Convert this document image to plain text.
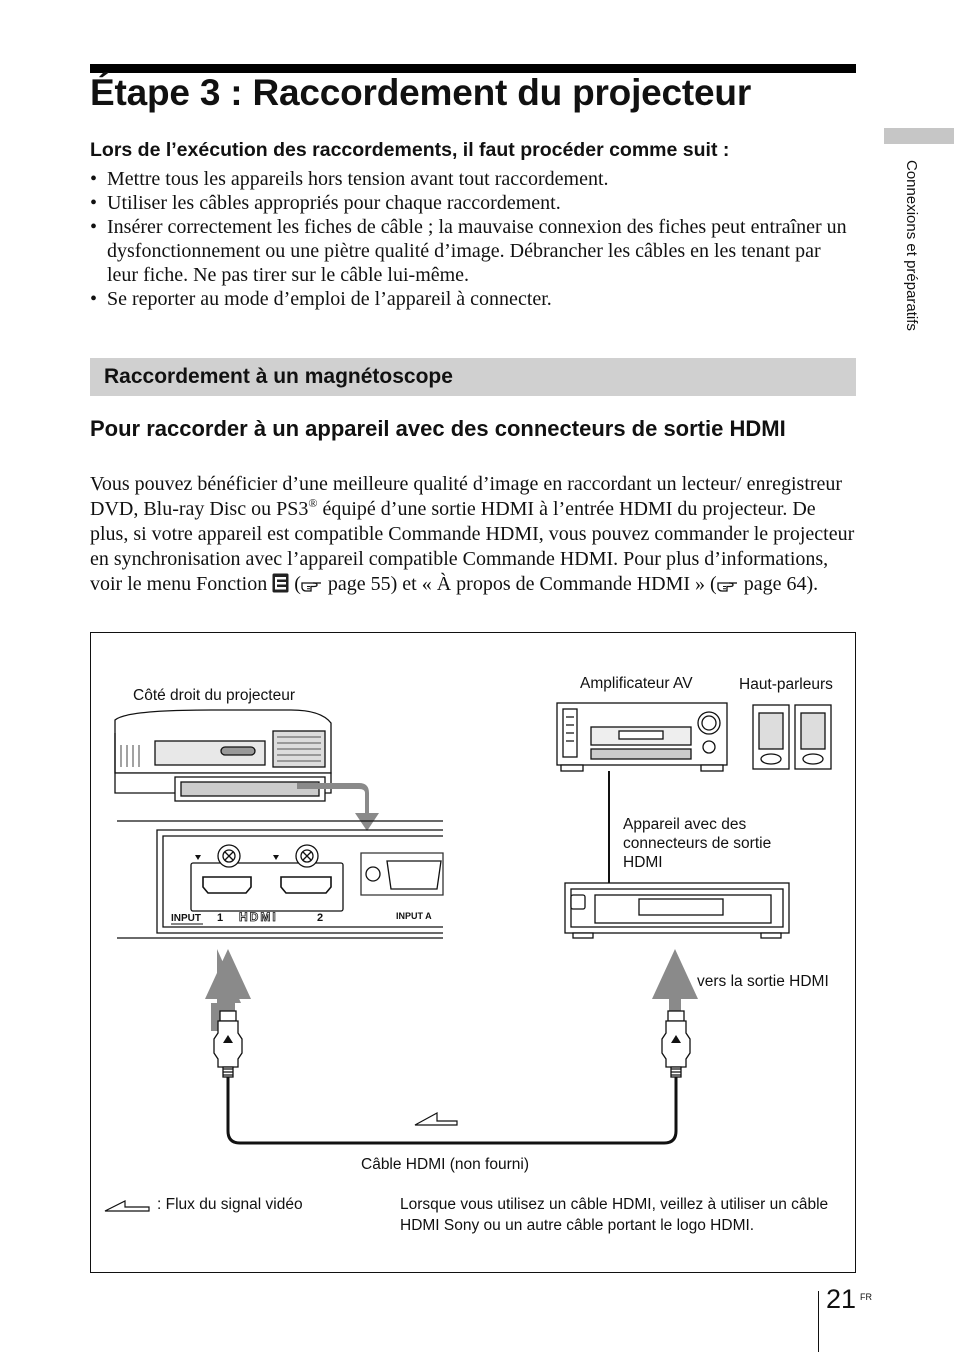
Étape 3 : Raccordement du projecteur
Lors de l’exécution des raccordements, il faut procéder comme suit :
• Mettre tous les appareils hors tension avant tout raccordement.
• Utiliser les câbles appropriés pour chaque raccordement.
• Insérer correctement les fiches de câble ; la mauvaise connexion des fiches peut entraîner un dysfonctionnement ou une piètre qualité d’image. Débrancher les câbles en les tenant par leur fiche. Ne pas tirer sur le câble lui-même.
• Se reporter au mode d’emploi de l’appareil à connecter.
Raccordement à un magnétoscope
Pour raccorder à un appareil avec des connecteurs de sortie HDMI
Vous pouvez bénéficier d’une meilleure qualité d’image en raccordant un lecteur/ enregistreur DVD, Blu-ray Disc ou PS3® équipé d’une sortie HDMI à l’entrée HDMI du projecteur. De plus, si votre appareil est compatible Commande HDMI, vous pouvez commander le projecteur en synchronisation avec l’appareil compatible Commande HDMI. Pour plus d’informations, voir le menu Fonction  ( page 55) et « À propos de Commande HDMI » ( page 64).
INPUT 1 HDMI	2	INPUT A
Côté droit du projecteur
Amplificateur AV	Haut-parleurs
Appareil avec des connecteurs de sortie HDMI
vers la sortie HDMI
Câble HDMI (non fourni)
: Flux du signal vidéo	Lorsque vous utilisez un câble HDMI, veillez à utiliser un câble HDMI Sony ou un autre câble portant le logo HDMI.
Connexions et préparatifs
21 FR
